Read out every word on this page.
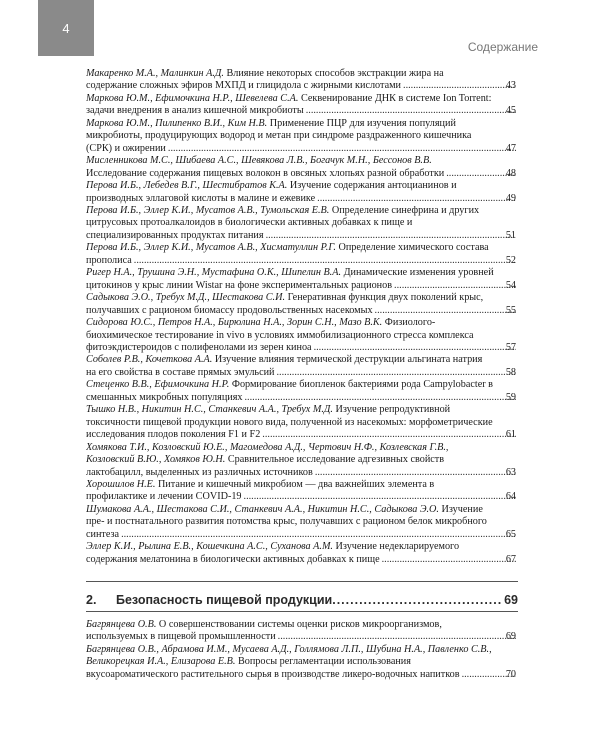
4
Содержание
Макаренко М.А., Малинкин А.Д. Влияние некоторых способов экстракции жира на содержание сложных эфиров МХПД и глицидола с жирными кислотами	43
.....
Маркова Ю.М., Ефимочкина Н.Р., Шевелева С.А. Секвенирование ДНК в системе Ion Torrent: задачи внедрения в анализ кишечной микробиоты	45
.....
Маркова Ю.М., Пилипенко В.И., Ким Н.В. Применение ПЦР для изучения популяций микробиоты, продуцирующих водород и метан при синдроме раздраженного кишечника (СРК) и ожирении	47
.....
Мисленникова М.С., Шибаева А.С., Шевякова Л.В., Богачук М.Н., Бессонов В.В. Исследование содержания пищевых волокон в овсяных хлопьях разной обработки	48
.....
Перова И.Б., Лебедев В.Г., Шестибратов К.А. Изучение содержания антоцианинов и производных эллаговой кислоты в малине и ежевике	49
.....
Перова И.Б., Эллер К.И., Мусатов А.В., Тумольская Е.В. Определение синефрина и других цитрусовых протоалкалоидов в биологически активных добавках к пище и специализированных продуктах питания	51
.....
Перова И.Б., Эллер К.И., Мусатов А.В., Хисматуллин Р.Г. Определение химического состава прополиса	52
.....
Ригер Н.А., Трушина Э.Н., Мустафина О.К., Шипелин В.А. Динамические изменения уровней цитокинов у крыс линии Wistar на фоне экспериментальных рационов	54
.....
Садыкова Э.О., Требух М.Д., Шестакова С.И. Генеративная функция двух поколений крыс, получавших с рационом биомассу продовольственных насекомых	55
.....
Сидорова Ю.С., Петров Н.А., Бирюлина Н.А., Зорин С.Н., Мазо В.К. Физиолого-биохимическое тестирование in vivo в условиях иммобилизационного стресса комплекса фитоэкдистероидов с полифенолами из зерен киноа	57
.....
Соболев Р.В., Кочеткова А.А. Изучение влияния термической деструкции альгината натрия на его свойства в составе прямых эмульсий	58
.....
Стеценко В.В., Ефимочкина Н.Р. Формирование биопленок бактериями рода Campylobacter в смешанных микробных популяциях	59
.....
Тышко Н.В., Никитин Н.С., Станкевич А.А., Требух М.Д. Изучение репродуктивной токсичности пищевой продукции нового вида, полученной из насекомых: морфометрические исследования плодов поколения F1 и F2	61
.....
Хомякова Т.И., Козловский Ю.Е., Магомедова А.Д., Чертович Н.Ф., Козлевская Г.В., Козловский В.Ю., Хомяков Ю.Н. Сравнительное исследование адгезивных свойств лактобацилл, выделенных из различных источников	63
.....
Хорошилов Н.Е. Питание и кишечный микробиом — два важнейших элемента в профилактике и лечении COVID-19	64
.....
Шумакова А.А., Шестакова С.И., Станкевич А.А., Никитин Н.С., Садыкова Э.О. Изучение пре- и постнатального развития потомства крыс, получавших с рационом белок микробного синтеза	65
.....
Эллер К.И., Рылина Е.В., Кошечкина А.С., Суханова А.М. Изучение недекларируемого содержания мелатонина в биологически активных добавках к пище	67
.....
2.	Безопасность пищевой продукции .....	69
Багрянцева О.В. О совершенствовании системы оценки рисков микроорганизмов, используемых в пищевой промышленности	69
.....
Багрянцева О.В., Абрамова И.М., Мусаева А.Д., Голлямова Л.П., Шубина Н.А., Павленко С.В., Великорецкая И.А., Елизарова Е.В. Вопросы регламентации использования вкусоароматического растительного сырья в производстве ликеро-водочных напитков	70
.....
